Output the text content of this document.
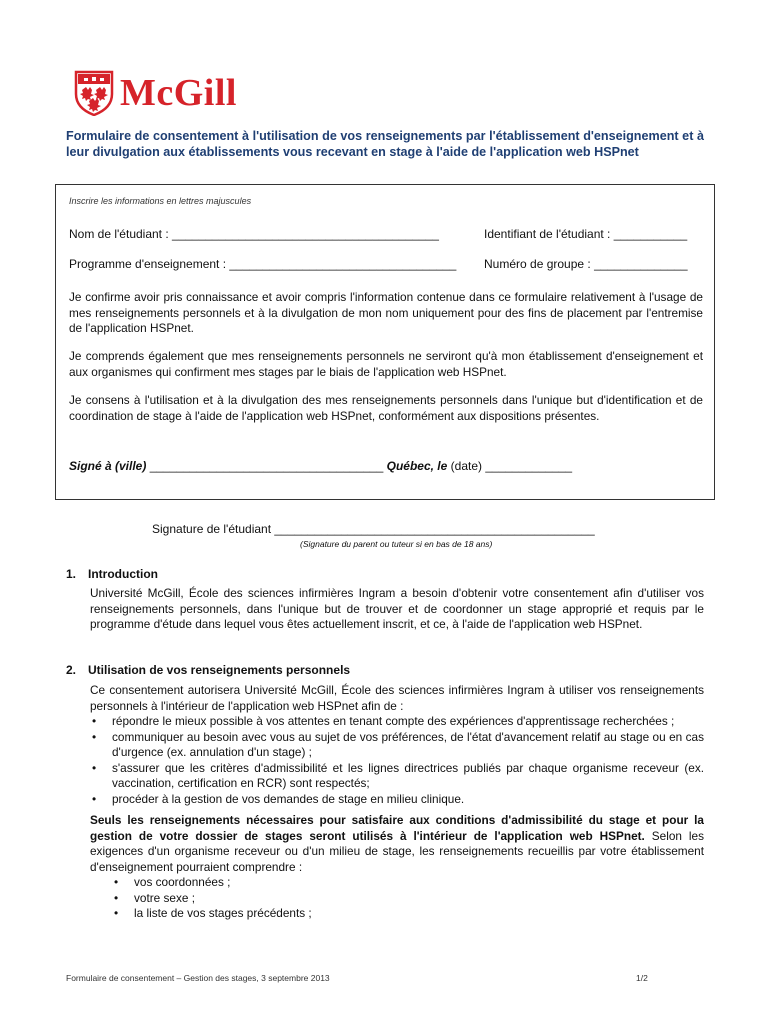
McGill
Formulaire de consentement à l'utilisation de vos renseignements par l'établissement d'enseignement et à leur divulgation aux établissements vous recevant en stage à l'aide de l'application web HSPnet
Inscrire les informations en lettres majuscules
Nom de l'étudiant : ________________________________________	Identifiant de l'étudiant : ___________
Programme d'enseignement : __________________________________ Numéro de groupe : ______________
Je confirme avoir pris connaissance et avoir compris l'information contenue dans ce formulaire relativement à l'usage de mes renseignements personnels et à la divulgation de mon nom uniquement pour des fins de placement par l'entremise de l'application HSPnet.
Je comprends également que mes renseignements personnels ne serviront qu'à mon établissement d'enseignement et aux organismes qui confirment mes stages par le biais de l'application web HSPnet.
Je consens à l'utilisation et à la divulgation des mes renseignements personnels dans l'unique but d'identification et de coordination de stage à l'aide de l'application web HSPnet, conformément aux dispositions présentes.
Signé à (ville) ___________________________________ Québec, le (date) _____________
Signature de l'étudiant ________________________________________________
(Signature du parent ou tuteur si en bas de 18 ans)
1. Introduction
Université McGill, École des sciences infirmières Ingram a besoin d'obtenir votre consentement afin d'utiliser vos renseignements personnels, dans l'unique but de trouver et de coordonner un stage approprié et requis par le programme d'étude dans lequel vous êtes actuellement inscrit, et ce, à l'aide de l'application web HSPnet.
2. Utilisation de vos renseignements personnels
Ce consentement autorisera Université McGill, École des sciences infirmières Ingram à utiliser vos renseignements personnels à l'intérieur de l'application web HSPnet afin de :
• répondre le mieux possible à vos attentes en tenant compte des expériences d'apprentissage recherchées ;
• communiquer au besoin avec vous au sujet de vos préférences, de l'état d'avancement relatif au stage ou en cas d'urgence (ex. annulation d'un stage) ;
• s'assurer que les critères d'admissibilité et les lignes directrices publiés par chaque organisme receveur (ex. vaccination, certification en RCR) sont respectés;
• procéder à la gestion de vos demandes de stage en milieu clinique.
Seuls les renseignements nécessaires pour satisfaire aux conditions d'admissibilité du stage et pour la gestion de votre dossier de stages seront utilisés à l'intérieur de l'application web HSPnet. Selon les exigences d'un organisme receveur ou d'un milieu de stage, les renseignements recueillis par votre établissement d'enseignement pourraient comprendre :
• vos coordonnées ;
• votre sexe ;
• la liste de vos stages précédents ;
Formulaire de consentement – Gestion des stages, 3 septembre 2013	1/2
